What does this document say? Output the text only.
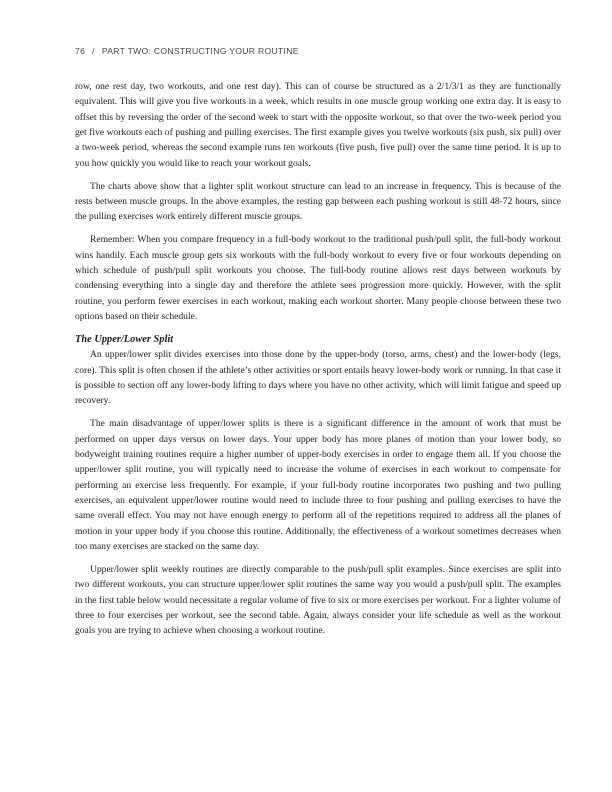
76 / PART TWO: CONSTRUCTING YOUR ROUTINE

row, one rest day, two workouts, and one rest day). This can of course be structured as a 2/1/3/1 as they are functionally equivalent. This will give you five workouts in a week, which results in one muscle group working one extra day. It is easy to offset this by reversing the order of the second week to start with the opposite workout, so that over the two-week period you get five workouts each of pushing and pulling exercises. The first example gives you twelve workouts (six push, six pull) over a two-week period, whereas the second example runs ten workouts (five push, five pull) over the same time period. It is up to you how quickly you would like to reach your workout goals.

The charts above show that a lighter split workout structure can lead to an increase in frequency. This is because of the rests between muscle groups. In the above examples, the resting gap between each pushing workout is still 48-72 hours, since the pulling exercises work entirely different muscle groups.

Remember: When you compare frequency in a full-body workout to the traditional push/pull split, the full-body workout wins handily. Each muscle group gets six workouts with the full-body workout to every five or four workouts depending on which schedule of push/pull split workouts you choose. The full-body routine allows rest days between workouts by condensing everything into a single day and therefore the athlete sees progression more quickly. However, with the split routine, you perform fewer exercises in each workout, making each workout shorter. Many people choose between these two options based on their schedule.

The Upper/Lower Split

An upper/lower split divides exercises into those done by the upper-body (torso, arms, chest) and the lower-body (legs, core). This split is often chosen if the athlete’s other activities or sport entails heavy lower-body work or running. In that case it is possible to section off any lower-body lifting to days where you have no other activity, which will limit fatigue and speed up recovery.

The main disadvantage of upper/lower splits is there is a significant difference in the amount of work that must be performed on upper days versus on lower days. Your upper body has more planes of motion than your lower body, so bodyweight training routines require a higher number of upper-body exercises in order to engage them all. If you choose the upper/lower split routine, you will typically need to increase the volume of exercises in each workout to compensate for performing an exercise less frequently. For example, if your full-body routine incorporates two pushing and two pulling exercises, an equivalent upper/lower routine would need to include three to four pushing and pulling exercises to have the same overall effect. You may not have enough energy to perform all of the repetitions required to address all the planes of motion in your upper body if you choose this routine. Additionally, the effectiveness of a workout sometimes decreases when too many exercises are stacked on the same day.

Upper/lower split weekly routines are directly comparable to the push/pull split examples. Since exercises are split into two different workouts, you can structure upper/lower split routines the same way you would a push/pull split. The examples in the first table below would necessitate a regular volume of five to six or more exercises per workout. For a lighter volume of three to four exercises per workout, see the second table. Again, always consider your life schedule as well as the workout goals you are trying to achieve when choosing a workout routine.
